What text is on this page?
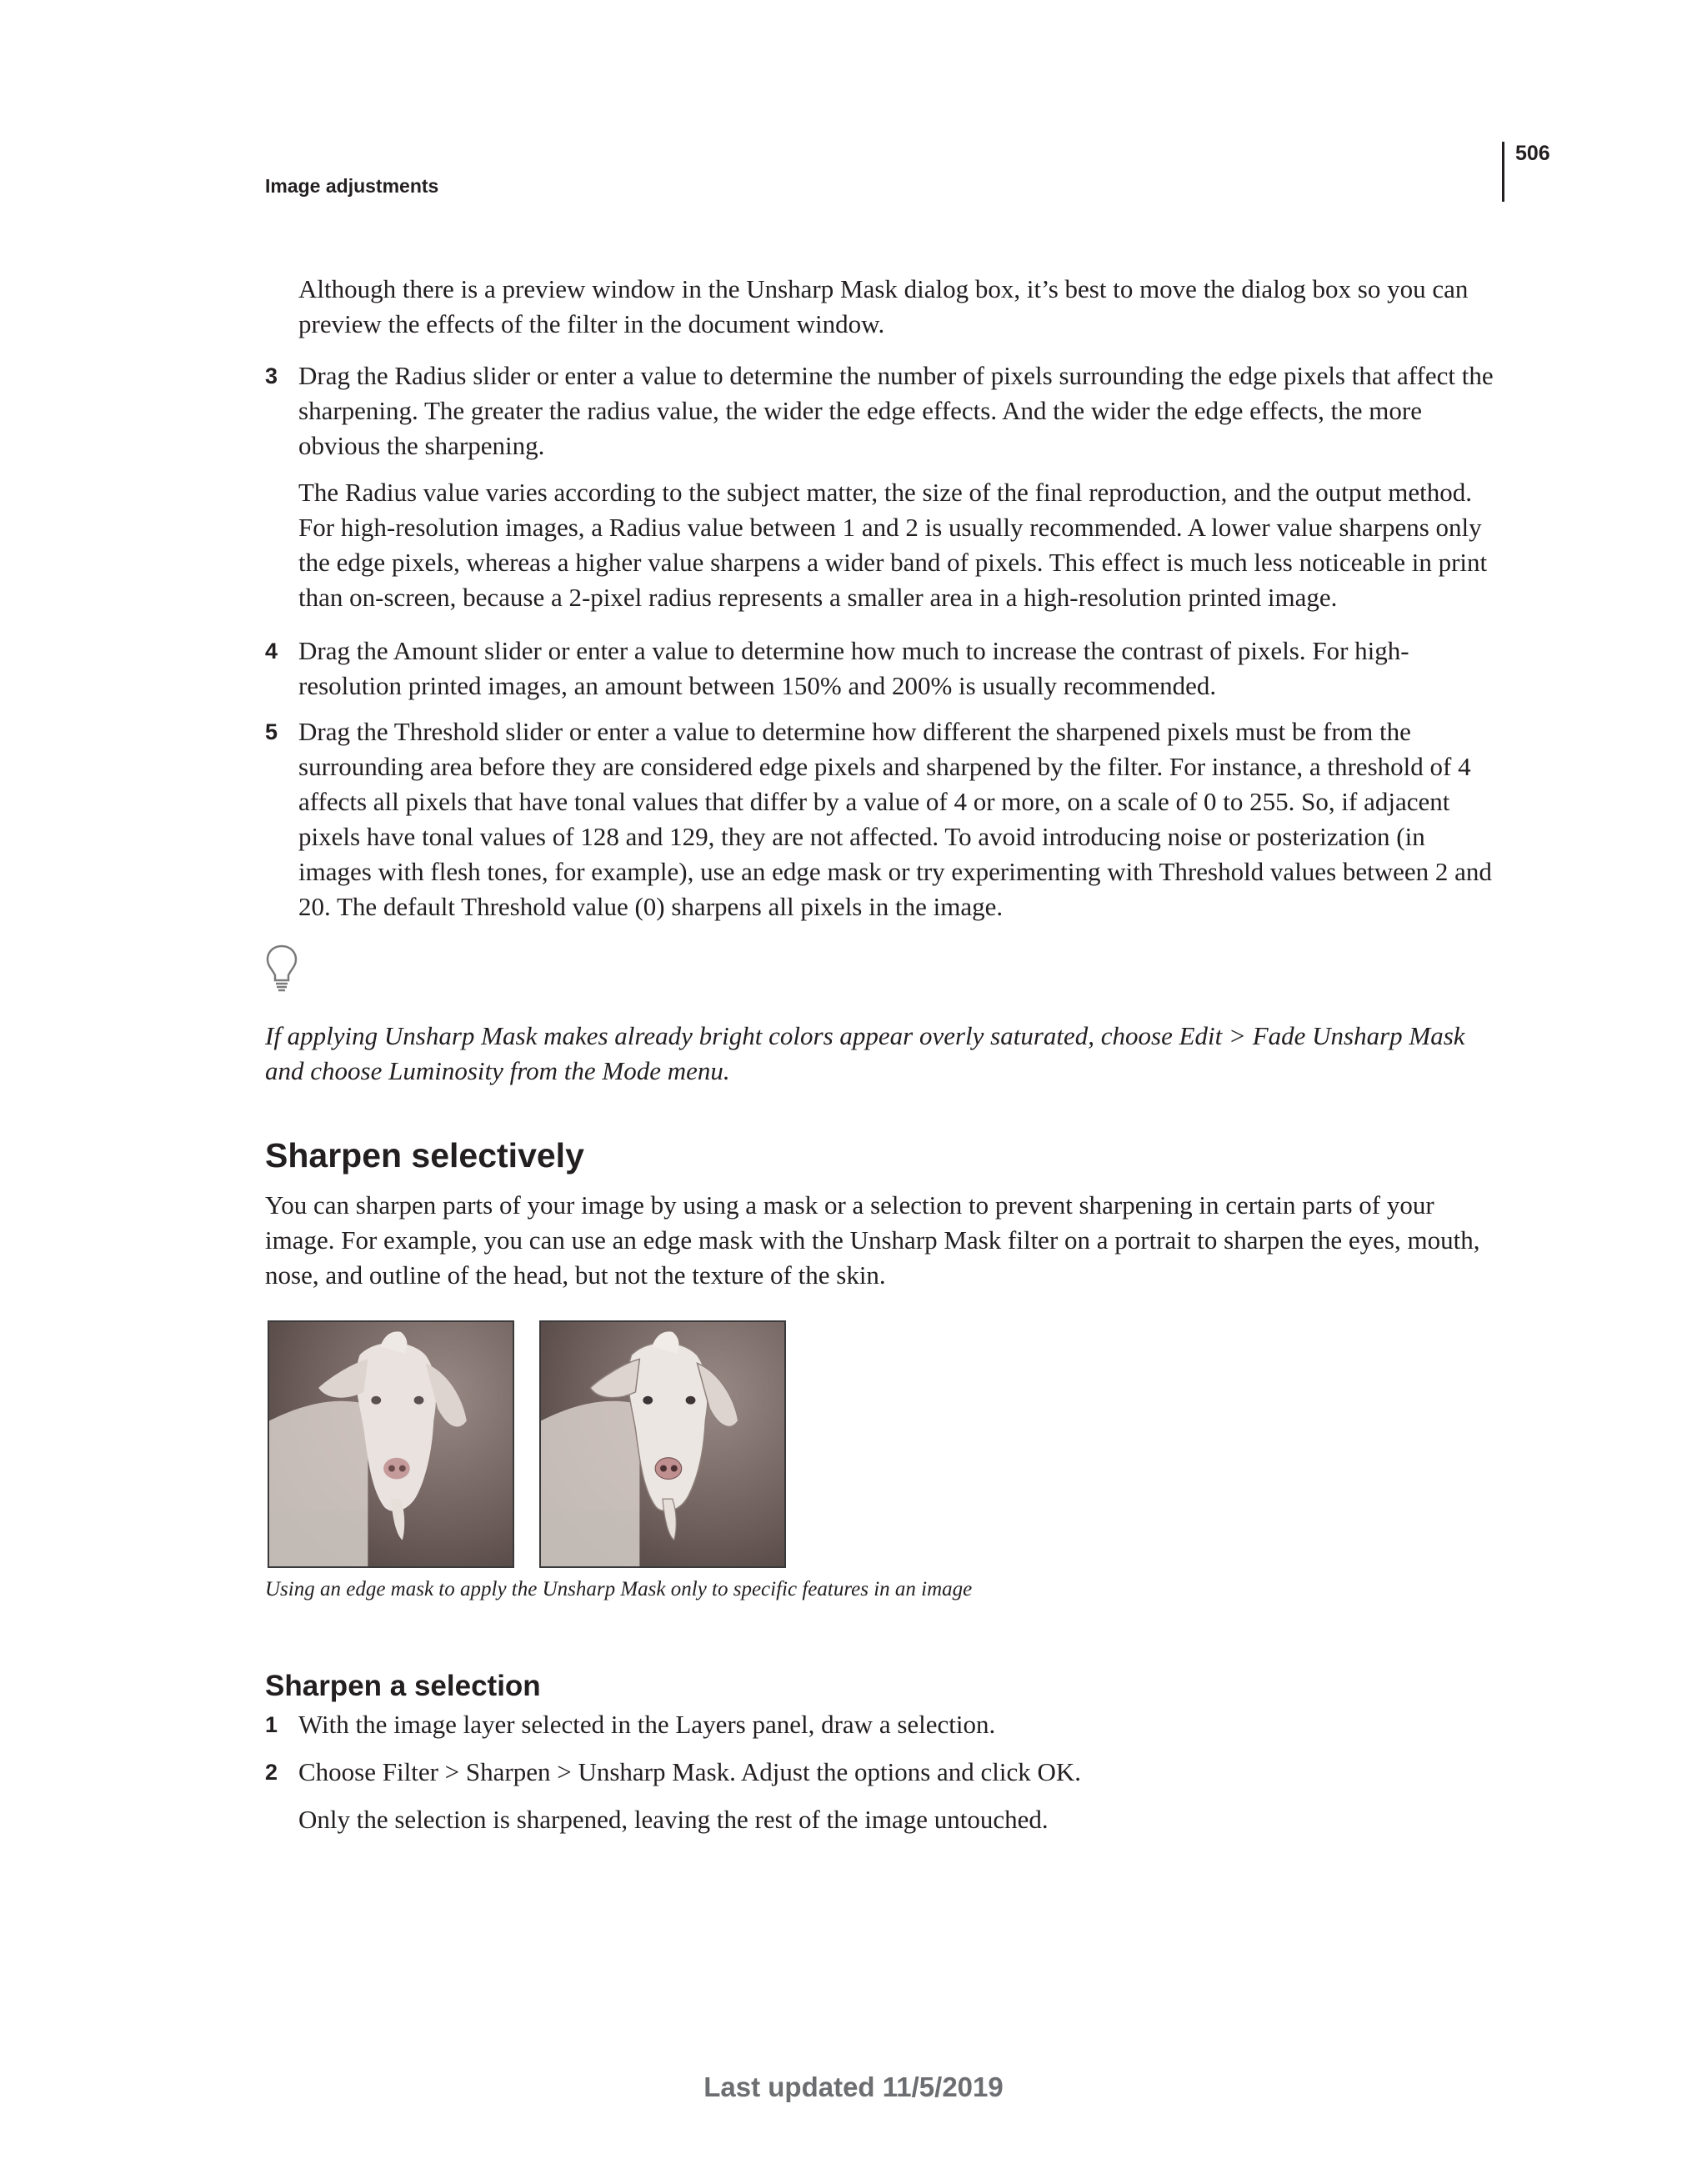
506
Image adjustments

Although there is a preview window in the Unsharp Mask dialog box, it’s best to move the dialog box so you can preview the effects of the filter in the document window.

3 Drag the Radius slider or enter a value to determine the number of pixels surrounding the edge pixels that affect the sharpening. The greater the radius value, the wider the edge effects. And the wider the edge effects, the more obvious the sharpening.

The Radius value varies according to the subject matter, the size of the final reproduction, and the output method. For high-resolution images, a Radius value between 1 and 2 is usually recommended. A lower value sharpens only the edge pixels, whereas a higher value sharpens a wider band of pixels. This effect is much less noticeable in print than on-screen, because a 2-pixel radius represents a smaller area in a high-resolution printed image.

4 Drag the Amount slider or enter a value to determine how much to increase the contrast of pixels. For high-resolution printed images, an amount between 150% and 200% is usually recommended.

5 Drag the Threshold slider or enter a value to determine how different the sharpened pixels must be from the surrounding area before they are considered edge pixels and sharpened by the filter. For instance, a threshold of 4 affects all pixels that have tonal values that differ by a value of 4 or more, on a scale of 0 to 255. So, if adjacent pixels have tonal values of 128 and 129, they are not affected. To avoid introducing noise or posterization (in images with flesh tones, for example), use an edge mask or try experimenting with Threshold values between 2 and 20. The default Threshold value (0) sharpens all pixels in the image.

If applying Unsharp Mask makes already bright colors appear overly saturated, choose Edit > Fade Unsharp Mask and choose Luminosity from the Mode menu.

Sharpen selectively

You can sharpen parts of your image by using a mask or a selection to prevent sharpening in certain parts of your image. For example, you can use an edge mask with the Unsharp Mask filter on a portrait to sharpen the eyes, mouth, nose, and outline of the head, but not the texture of the skin.

Using an edge mask to apply the Unsharp Mask only to specific features in an image

Sharpen a selection
1 With the image layer selected in the Layers panel, draw a selection.

2 Choose Filter > Sharpen > Unsharp Mask. Adjust the options and click OK.

Only the selection is sharpened, leaving the rest of the image untouched.

Last updated 11/5/2019
